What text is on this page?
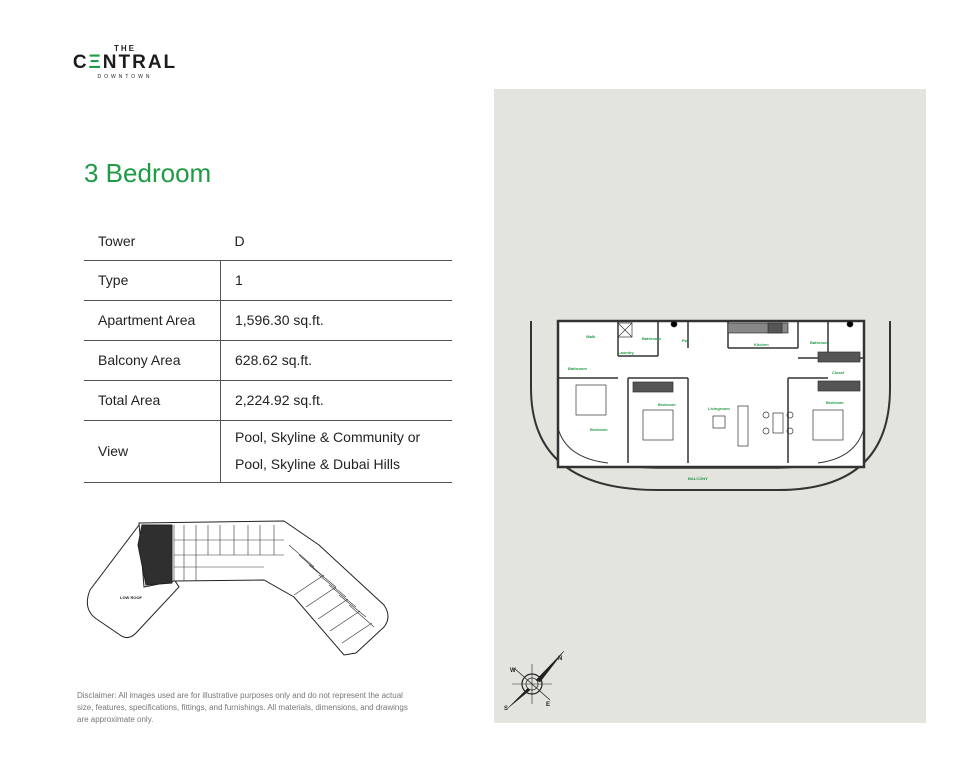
THE
CΞNTRAL
DOWNTOWN
3 Bedroom
Tower	D
Type	1
Apartment Area	1,596.30 sq.ft.
Balcony Area	628.62 sq.ft.
Total Area	2,224.92 sq.ft.
View	Pool, Skyline & Community or
Pool, Skyline & Dubai Hills
LOW ROOF
Disclaimer: All images used are for illustrative purposes only and do not represent the actual size, features, specifications, fittings, and furnishings. All materials, dimensions, and drawings are approximate only.
Walk	Bathroom	Pwr
Laundry
Bathroom
Kitchen	Bathroom
Closet
Bedroom
Bedroom
Livingroom
Bedroom
BALCONY
N
S
E
W
